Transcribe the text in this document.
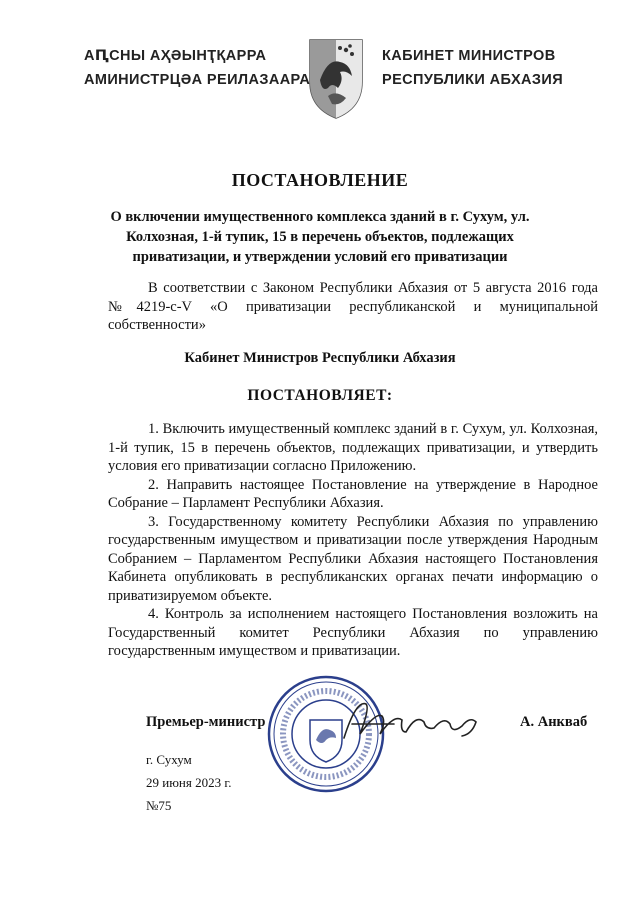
АԤСНЫ АҲӘЫНҬҚАРРА
АМИНИСТРЦӘА РЕИЛАЗААРА
КАБИНЕТ МИНИСТРОВ
РЕСПУБЛИКИ АБХАЗИЯ
ПОСТАНОВЛЕНИЕ
О включении имущественного комплекса зданий в г. Сухум, ул. Колхозная, 1-й тупик, 15 в перечень объектов, подлежащих приватизации, и утверждении условий его приватизации
В соответствии с Законом Республики Абхазия от 5 августа 2016 года №4219-с-V «О приватизации республиканской и муниципальной собственности»
Кабинет Министров Республики Абхазия
ПОСТАНОВЛЯЕТ:

1. Включить имущественный комплекс зданий в г. Сухум, ул. Колхозная, 1-й тупик, 15 в перечень объектов, подлежащих приватизации, и утвердить условия его приватизации согласно Приложению.

2. Направить настоящее Постановление на утверждение в Народное Собрание – Парламент Республики Абхазия.

3. Государственному комитету Республики Абхазия по управлению государственным имуществом и приватизации после утверждения Народным Собранием – Парламентом Республики Абхазия настоящего Постановления Кабинета опубликовать в республиканских органах печати информацию о приватизируемом объекте.

4. Контроль за исполнением настоящего Постановления возложить на Государственный комитет Республики Абхазия по управлению государственным имуществом и приватизации.

Премьер-министр	А. Анкваб
г. Сухум
29 июня 2023 г.
№75
